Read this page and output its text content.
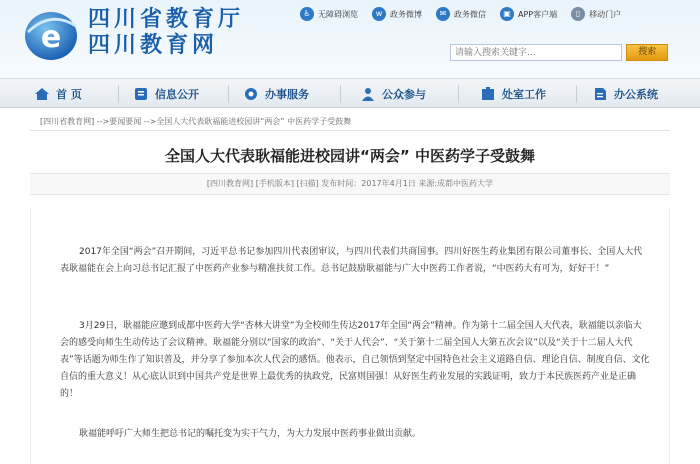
e
四川省教育厅
四川教育网
♿ 无障碍浏览	w 政务微博	✉ 政务微信	▣ APP客户端	▯	移动门户
请输入搜索关键字...
搜索
首 页	信息公开	办事服务	公众参与	处室工作	办公系统
[四川省教育网] -->要闻要闻 -->全国人大代表耿福能进校园讲“两会” 中医药学子受鼓舞
全国人大代表耿福能进校园讲“两会” 中医药学子受鼓舞
[四川教育网] [手机版本] [扫描] 发布时间：2017年4月1日 来源:成都中医药大学

2017年全国“两会”召开期间，习近平总书记参加四川代表团审议，与四川代表们共商国事。四川好医生药业集团有限公司董事长、全国人大代表耿福能在会上向习总书记汇报了中医药产业参与精准扶贫工作。总书记鼓励耿福能与广大中医药工作者说，“中医药大有可为，好好干！”

3月29日，耿福能应邀到成都中医药大学“杏林大讲堂”为全校师生传达2017年全国“两会”精神。作为第十二届全国人大代表，耿福能以亲临大会的感受向师生生动传达了会议精神。耿福能分别以“国家的政治”、“关于人代会”、“关于第十二届全国人大第五次会议”以及“关于十二届人大代表”等话题为师生作了知识普及，并分享了参加本次人代会的感悟。他表示，自己领悟到坚定中国特色社会主义道路自信、理论自信、制度自信、文化自信的重大意义！从心底认识到中国共产党是世界上最优秀的执政党，民富则国强！从好医生药业发展的实践证明，致力于本民族医药产业是正确的！

耿福能呼吁广大师生把总书记的嘱托变为实干气力，为大力发展中医药事业做出贡献。
